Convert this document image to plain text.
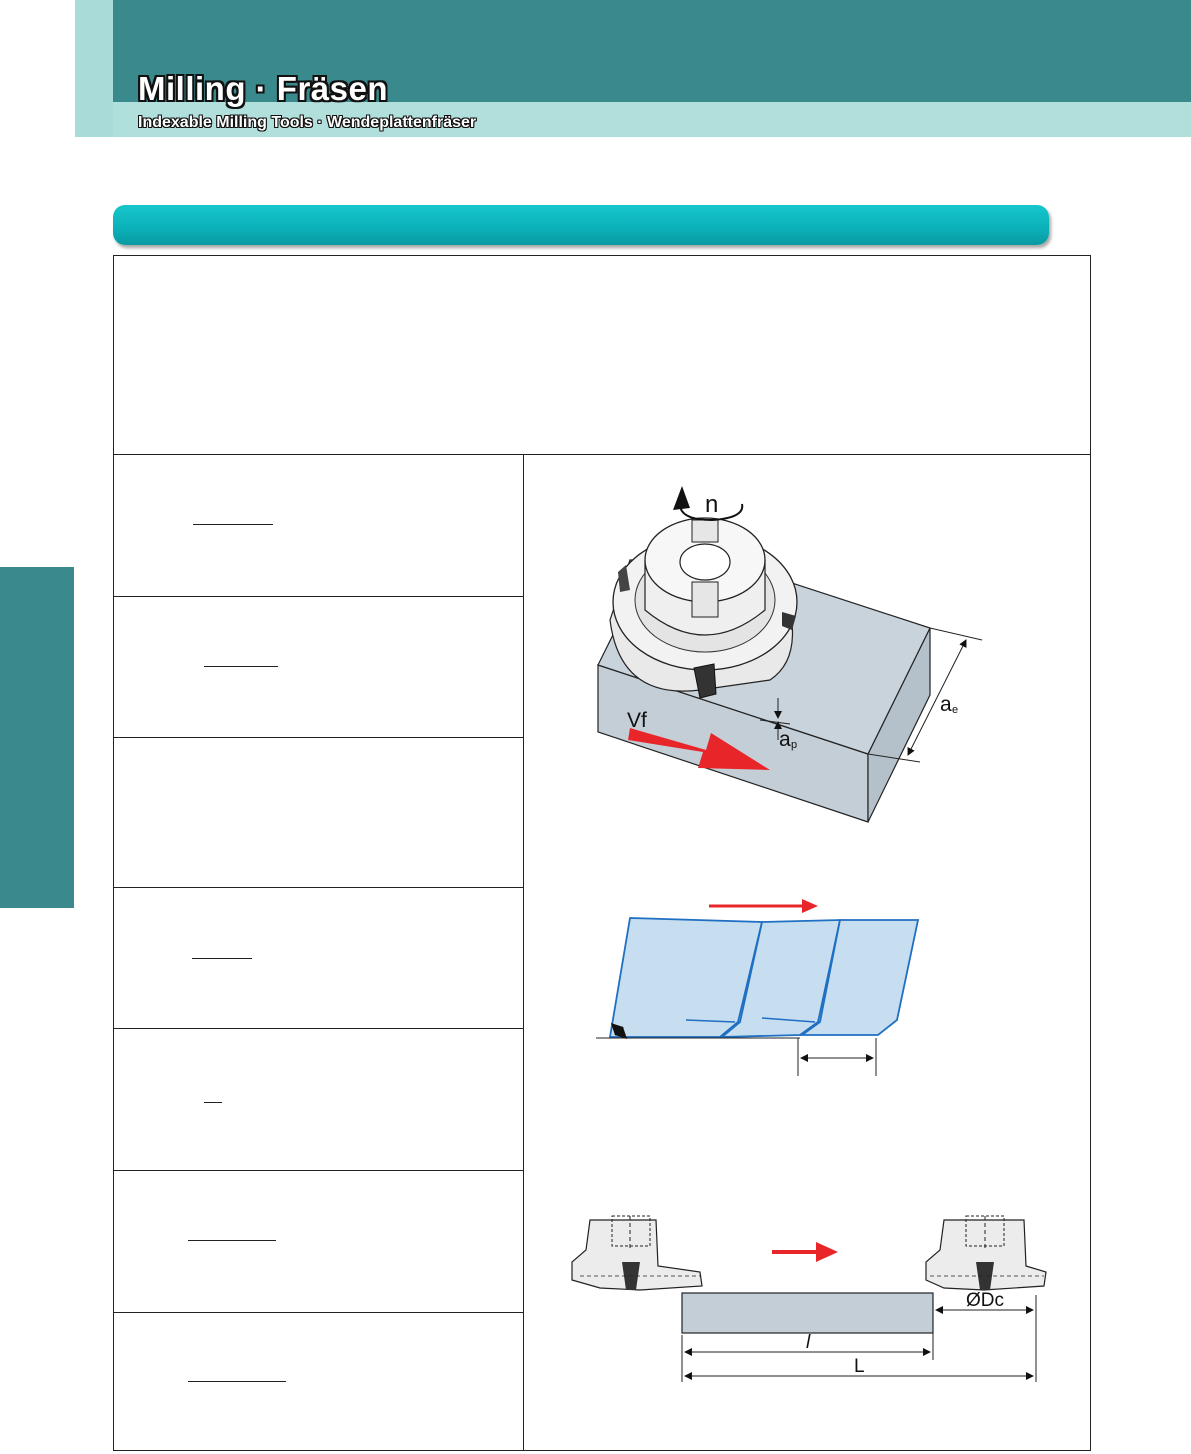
Milling · Fräsen
Indexable Milling Tools · Wendeplattenfräser
n
Vf
a e
a p
ØDc
l
L
